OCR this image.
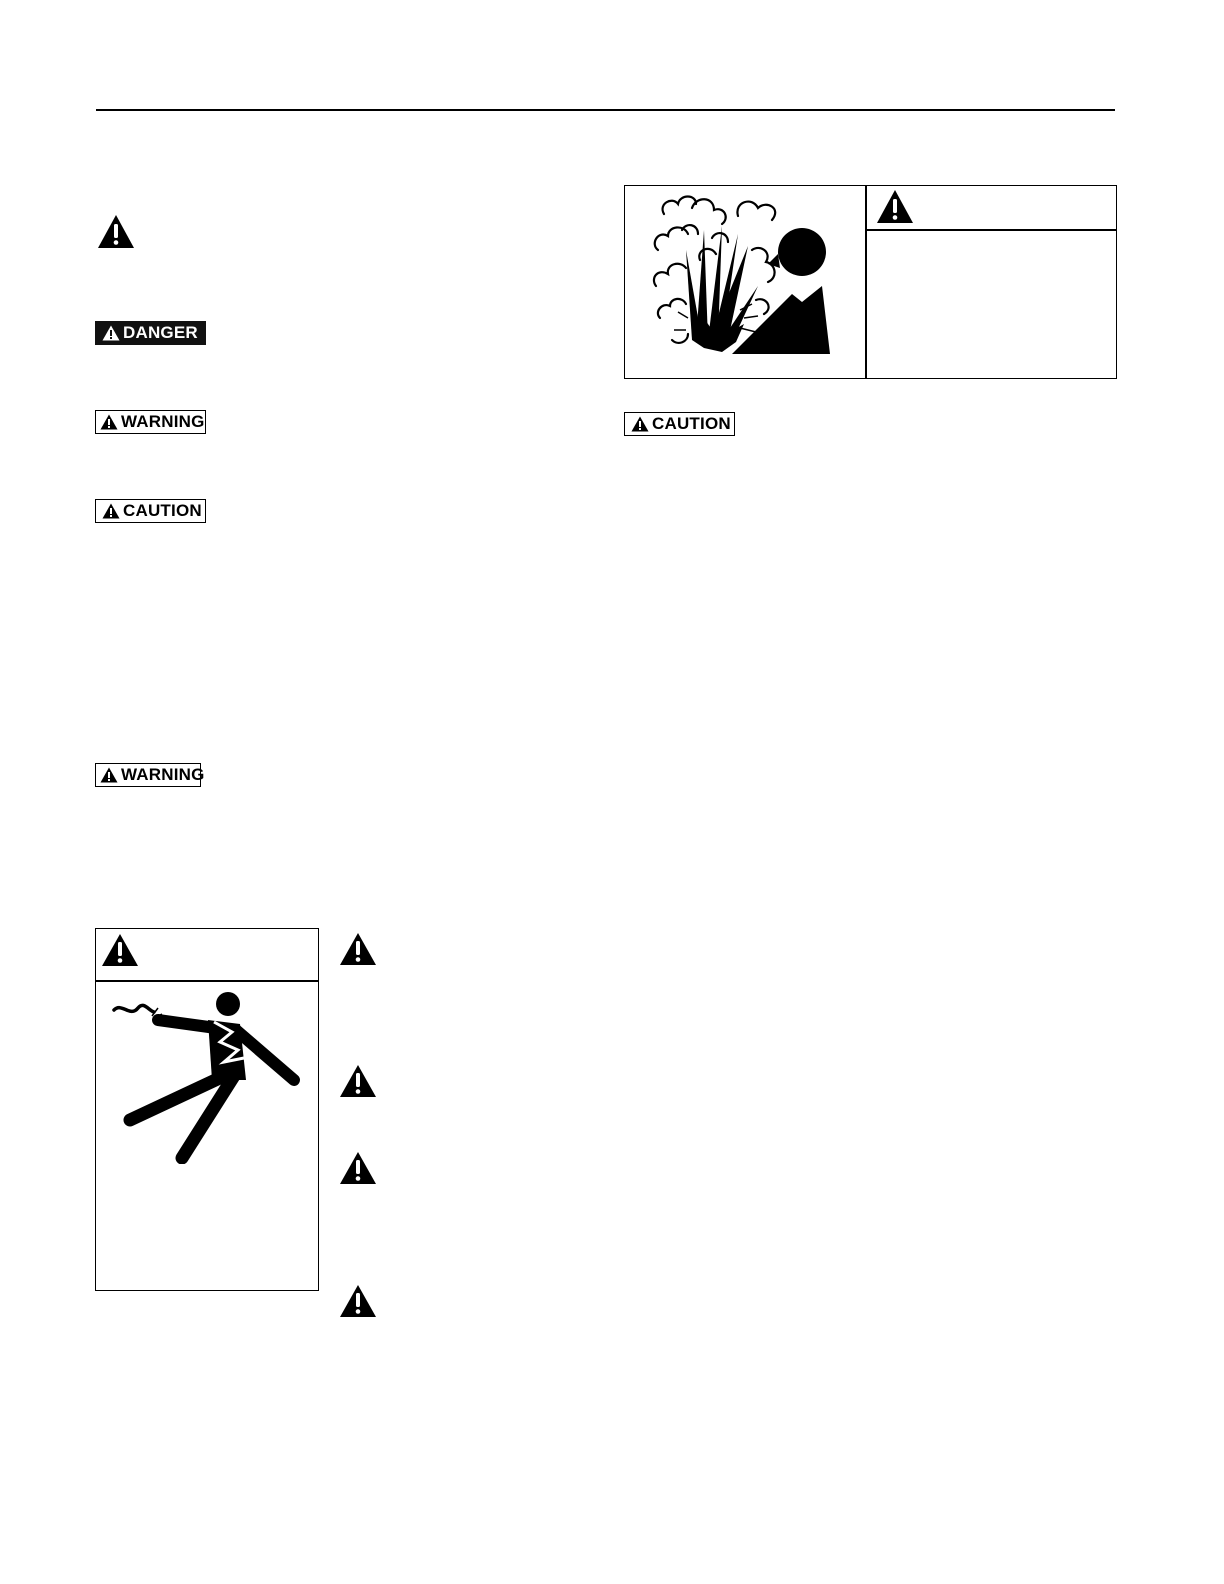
DANGER
WARNING
CAUTION
WARNING
CAUTION
